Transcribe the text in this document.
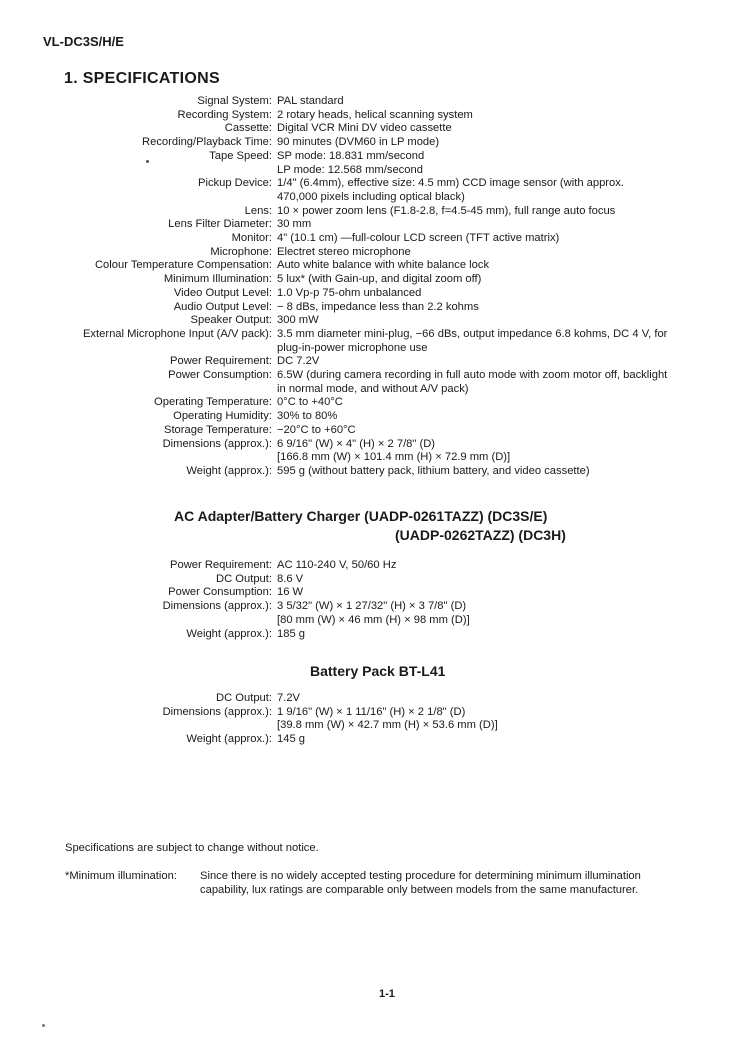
VL-DC3S/H/E
1. SPECIFICATIONS
Signal System: PAL standard
Recording System: 2 rotary heads, helical scanning system
Cassette: Digital VCR Mini DV video cassette
Recording/Playback Time: 90 minutes (DVM60 in LP mode)
Tape Speed: SP mode: 18.831 mm/second
LP mode: 12.568 mm/second
Pickup Device: 1/4" (6.4mm), effective size: 4.5 mm) CCD image sensor (with approx.
470,000 pixels including optical black)
Lens: 10 × power zoom lens (F1.8-2.8, f=4.5-45 mm), full range auto focus
Lens Filter Diameter: 30 mm
Monitor: 4" (10.1 cm) —full-colour LCD screen (TFT active matrix)
Microphone: Electret stereo microphone
Colour Temperature Compensation: Auto white balance with white balance lock
Minimum Illumination: 5 lux* (with Gain-up, and digital zoom off)
Video Output Level: 1.0 Vp-p 75-ohm unbalanced
Audio Output Level: − 8 dBs, impedance less than 2.2 kohms
Speaker Output: 300 mW
External Microphone Input (A/V pack): 3.5 mm diameter mini-plug, −66 dBs, output impedance 6.8 kohms, DC 4 V, for
plug-in-power microphone use
Power Requirement: DC 7.2V
Power Consumption: 6.5W (during camera recording in full auto mode with zoom motor off, backlight
in normal mode, and without A/V pack)
Operating Temperature: 0°C to +40°C
Operating Humidity: 30% to 80%
Storage Temperature: −20°C to +60°C
Dimensions (approx.): 6 9/16" (W) × 4" (H) × 2 7/8" (D)
[166.8 mm (W) × 101.4 mm (H) × 72.9 mm (D)]
Weight (approx.): 595 g (without battery pack, lithium battery, and video cassette)
AC Adapter/Battery Charger (UADP-0261TAZZ) (DC3S/E)
(UADP-0262TAZZ) (DC3H)
Power Requirement: AC 110-240 V, 50/60 Hz
DC Output: 8.6 V
Power Consumption: 16 W
Dimensions (approx.): 3 5/32" (W) × 1 27/32" (H) × 3 7/8" (D)
[80 mm (W) × 46 mm (H) × 98 mm (D)]
Weight (approx.): 185 g
Battery Pack BT-L41
DC Output: 7.2V
Dimensions (approx.): 1 9/16" (W) × 1 11/16" (H) × 2 1/8" (D)
[39.8 mm (W) × 42.7 mm (H) × 53.6 mm (D)]
Weight (approx.): 145 g
Specifications are subject to change without notice.
*Minimum illumination: Since there is no widely accepted testing procedure for determining minimum illumination
capability, lux ratings are comparable only between models from the same manufacturer.
1-1
